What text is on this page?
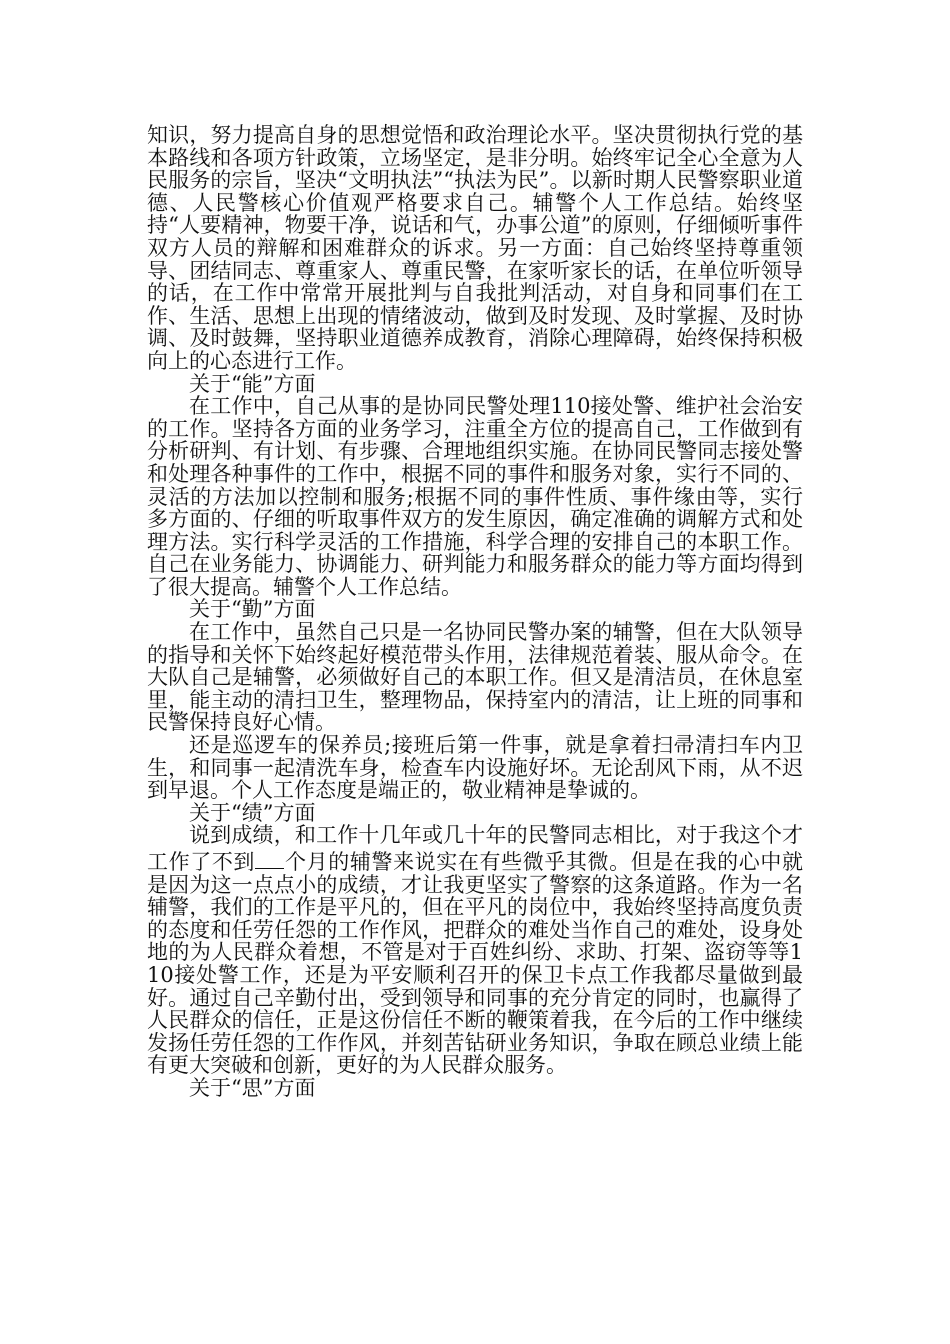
知识，努力提高自身的思想觉悟和政治理论水平。坚决贯彻执行党的基本路线和各项方针政策，立场坚定，是非分明。始终牢记全心全意为人民服务的宗旨，坚决“文明执法”“执法为民”。以新时期人民警察职业道德、人民警核心价值观严格要求自己。辅警个人工作总结。始终坚持“人要精神，物要干净，说话和气，办事公道”的原则，仔细倾听事件双方人员的辩解和困难群众的诉求。另一方面：自己始终坚持尊重领导、团结同志、尊重家人、尊重民警，在家听家长的话，在单位听领导的话，在工作中常常开展批判与自我批判活动，对自身和同事们在工作、生活、思想上出现的情绪波动，做到及时发现、及时掌握、及时协调、及时鼓舞，坚持职业道德养成教育，消除心理障碍，始终保持积极向上的心态进行工作。

关于“能”方面

在工作中，自己从事的是协同民警处理110接处警、维护社会治安的工作。坚持各方面的业务学习，注重全方位的提高自己，工作做到有分析研判、有计划、有步骤、合理地组织实施。在协同民警同志接处警和处理各种事件的工作中，根据不同的事件和服务对象，实行不同的、灵活的方法加以控制和服务;根据不同的事件性质、事件缘由等，实行多方面的、仔细的听取事件双方的发生原因，确定准确的调解方式和处理方法。实行科学灵活的工作措施，科学合理的安排自己的本职工作。自己在业务能力、协调能力、研判能力和服务群众的能力等方面均得到了很大提高。辅警个人工作总结。

关于“勤”方面

在工作中，虽然自己只是一名协同民警办案的辅警，但在大队领导的指导和关怀下始终起好模范带头作用，法律规范着装、服从命令。在大队自己是辅警，必须做好自己的本职工作。但又是清洁员，在休息室里，能主动的清扫卫生，整理物品，保持室内的清洁，让上班的同事和民警保持良好心情。

还是巡逻车的保养员;接班后第一件事，就是拿着扫帚清扫车内卫生，和同事一起清洗车身，检查车内设施好坏。无论刮风下雨，从不迟到早退。个人工作态度是端正的，敬业精神是挚诚的。

关于“绩”方面

说到成绩，和工作十几年或几十年的民警同志相比，对于我这个才工作了不到 个月的辅警来说实在有些微乎其微。但是在我的心中就是因为这一点点小的成绩，才让我更坚实了警察的这条道路。作为一名辅警，我们的工作是平凡的，但在平凡的岗位中，我始终坚持高度负责的态度和任劳任怨的工作作风，把群众的难处当作自己的难处，设身处地的为人民群众着想，不管是对于百姓纠纷、求助、打架、盗窃等等110接处警工作，还是为平安顺利召开的保卫卡点工作我都尽量做到最好。通过自己辛勤付出，受到领导和同事的充分肯定的同时，也赢得了人民群众的信任，正是这份信任不断的鞭策着我，在今后的工作中继续发扬任劳任怨的工作作风，并刻苦钻研业务知识，争取在顾总业绩上能有更大突破和创新，更好的为人民群众服务。

关于“思”方面
